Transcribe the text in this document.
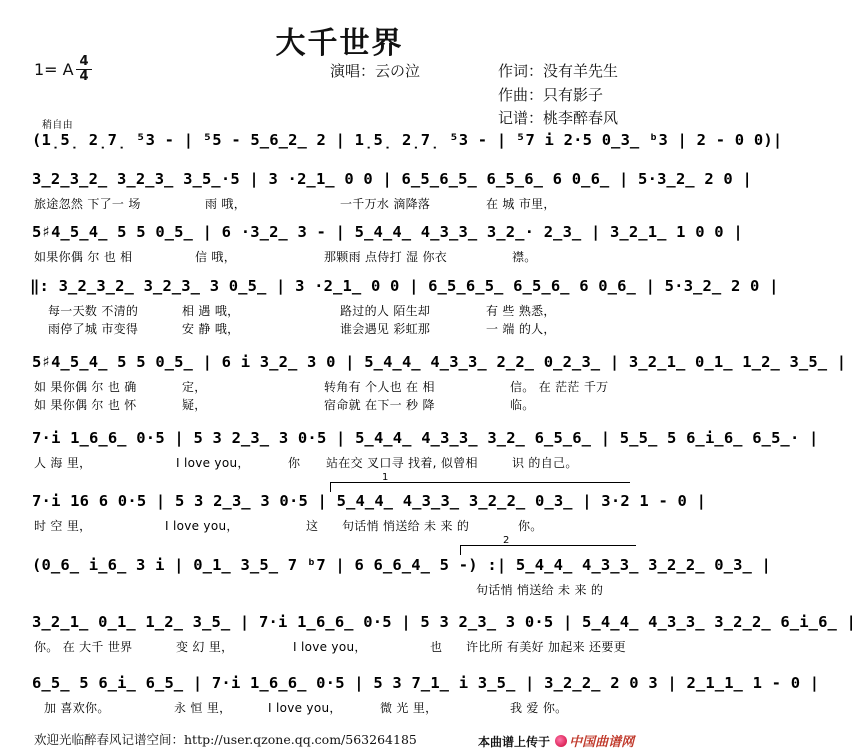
大千世界
1= A 4
4	演唱：云の泣	作词：没有羊先生
作曲：只有影子
记谱：桃李醉春风
稍自由
(1̣5̣ 2̣7̣ ⁵3 - | ⁵5 - 5̲6̲2̲ 2 | 1̣5̣ 2̣7̣ ⁵3 - | ⁵7 i 2·5 0̲3̲ ᵇ3 | 2 - 0 0)|
3̲2̲3̲2̲ 3̲2̲3̲ 3̲5̲·5 | 3 ·2̲1̲ 0 0 | 6̲5̲6̲5̲ 6̲5̲6̲ 6 0̲6̲ | 5·3̲2̲ 2 0 |
旅途忽然 下了一 场	雨 哦，	一千万水 滴降落	在 城 市里，
5♯4̲5̲4̲ 5 5 0̲5̲ | 6 ·3̲2̲ 3 - | 5̲4̲4̲ 4̲3̲3̲ 3̲2̲· 2̲3̲ | 3̲2̲1̲ 1 0 0 |
如果你偶 尔 也 相	信 哦，	那颗雨 点侍打 湿 你衣	襟。
‖: 3̲2̲3̲2̲ 3̲2̲3̲ 3 0̲5̲ | 3 ·2̲1̲ 0 0 | 6̲5̲6̲5̲ 6̲5̲6̲ 6 0̲6̲ | 5·3̲2̲ 2 0 |
每一天数 不清的	相 遇 哦，	路过的人 陌生却	有 些 熟悉，
雨停了城 市变得	安 静 哦，	谁会遇见 彩虹那	一 端 的人，
5♯4̲5̲4̲ 5 5 0̲5̲ | 6 i 3̲2̲ 3 0 | 5̲4̲4̲ 4̲3̲3̲ 2̲2̲ 0̲2̲3̲ | 3̲2̲1̲ 0̲1̲ 1̲2̲ 3̲5̲ |
如 果你偶 尔 也 确	定，	转角有 个人也 在 相	信。 在 茫茫 千万
如 果你偶 尔 也 怀	疑，	宿命就 在下一 秒 降	临。
7·i 1̲6̲6̲ 0·5 | 5 3 2̲3̲ 3 0·5 | 5̲4̲4̲ 4̲3̲3̲ 3̲2̲ 6̲5̲6̲ | 5̲5̲ 5 6̲i̲6̲ 6̲5̲· |
人 海 里，	I love you，	你 站在交 叉口寻 找着, 似曾相	识 的自己。
1
7·i 16 6 0·5 | 5 3 2̲3̲ 3 0·5 | 5̲4̲4̲ 4̲3̲3̲ 3̲2̲2̲ 0̲3̲ | 3·2 1 - 0 |
时 空 里，	I love you，	这 句话悄 悄送给 未 来 的	你。
2
(0̲6̲ i̲6̲ 3 i | 0̲1̲ 3̲5̲ 7 ᵇ7 | 6 6̲6̲4̲ 5 -) :| 5̲4̲4̲ 4̲3̲3̲ 3̲2̲2̲ 0̲3̲ |
句话悄 悄送给 未 来 的
3̲2̲1̲ 0̲1̲ 1̲2̲ 3̲5̲ | 7·i 1̲6̲6̲ 0·5 | 5 3 2̲3̲ 3 0·5 | 5̲4̲4̲ 4̲3̲3̲ 3̲2̲2̲ 6̲i̲6̲ |
你。 在 大千 世界	变 幻 里，	I love you，	也 许比所 有美好 加起来 还要更
6̲5̲ 5 6̲i̲ 6̲5̲ | 7·i 1̲6̲6̲ 0·5 | 5 3 7̲1̲ i 3̲5̲ | 3̲2̲2̲ 2 0 3 | 2̲1̲1̲ 1 - 0 |
加 喜欢你。	永 恒 里，	I love you，	微 光 里，	我 爱 你。
欢迎光临醉春风记谱空间：http://user.qzone.qq.com/563264185	本曲谱上传于 中国曲谱网
